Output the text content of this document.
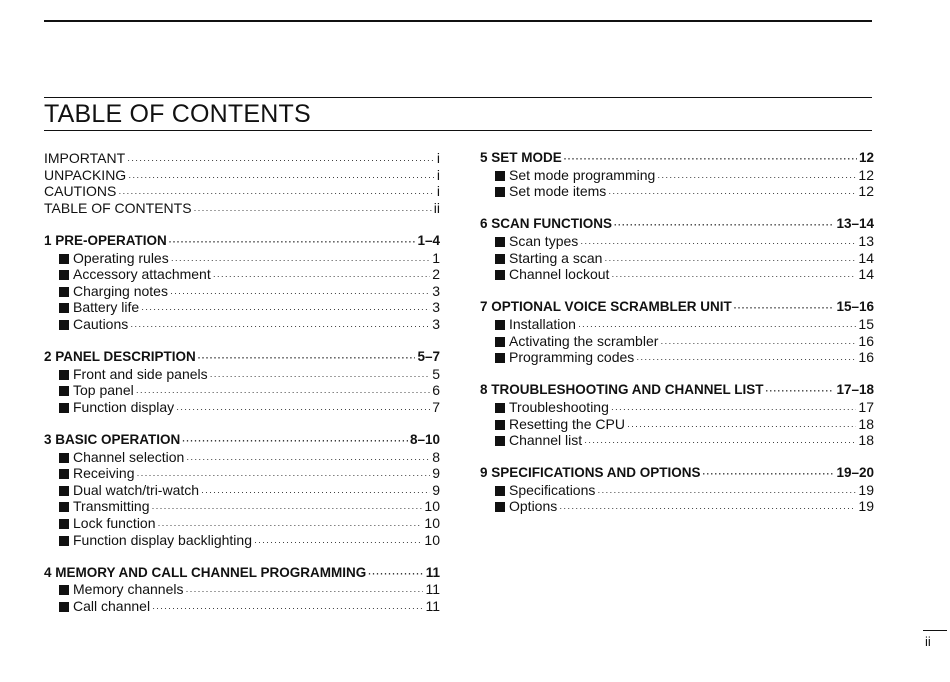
TABLE OF CONTENTS
IMPORTANT ·····	i
UNPACKING ·····	i
CAUTIONS ·····	i
TABLE OF CONTENTS ·····	ii
1 PRE-OPERATION ·····	1–4
Operating rules ·····	1
Accessory attachment ·····	2
Charging notes ·····	3
Battery life ·····	3
Cautions ·····	3
2 PANEL DESCRIPTION ·····	5–7
Front and side panels ·····	5
Top panel ·····	6
Function display ·····	7
3 BASIC OPERATION ·····	8–10
Channel selection ·····	8
Receiving ·····	9
Dual watch/tri-watch ·····	9
Transmitting ·····	10
Lock function ·····	10
Function display backlighting ·····	10
4 MEMORY AND CALL CHANNEL PROGRAMMING ·····	11
Memory channels ·····	11
Call channel ·····	11
5 SET MODE ·····	12
Set mode programming ·····	12
Set mode items ·····	12
6 SCAN FUNCTIONS ·····	13–14
Scan types ·····	13
Starting a scan ·····	14
Channel lockout ·····	14
7 OPTIONAL VOICE SCRAMBLER UNIT ·····	15–16
Installation ·····	15
Activating the scrambler ·····	16
Programming codes ·····	16
8 TROUBLESHOOTING AND CHANNEL LIST ·····	17–18
Troubleshooting ·····	17
Resetting the CPU ·····	18
Channel list ·····	18
9 SPECIFICATIONS AND OPTIONS ·····	19–20
Specifications ·····	19
Options ·····	19
ii
